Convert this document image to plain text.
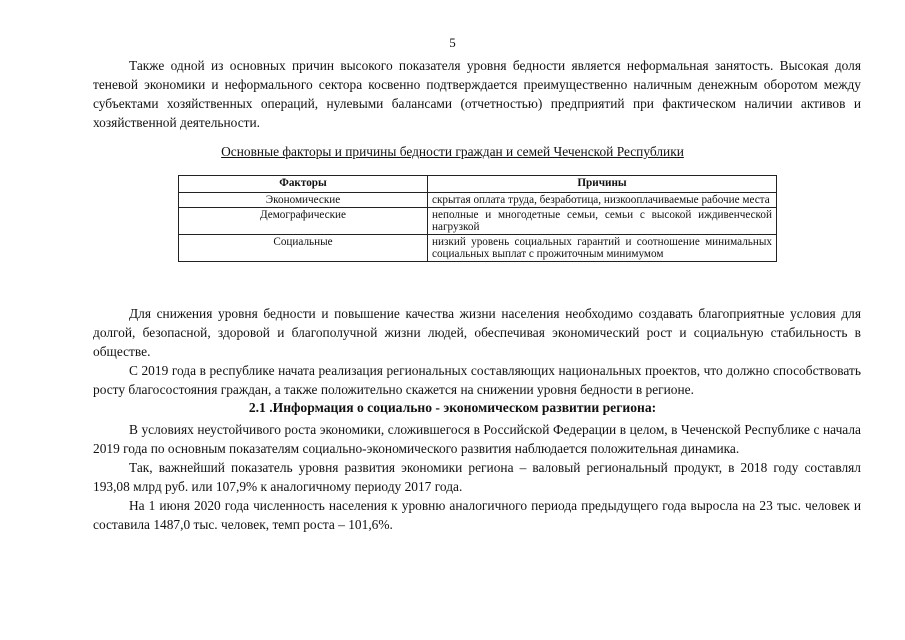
5

Также одной из основных причин высокого показателя уровня бедности является неформальная занятость. Высокая доля теневой экономики и неформального сектора косвенно подтверждается преимущественно наличным денежным оборотом между субъектами хозяйственных операций, нулевыми балансами (отчетностью) предприятий при фактическом наличии активов и хозяйственной деятельности.

Основные факторы и причины бедности граждан и семей Чеченской Республики
Факторы	Причины
Экономические	скрытая оплата труда, безработица, низкооплачиваемые рабочие места
Демографические	неполные и многодетные семьи, семьи с высокой иждивенческой нагрузкой
Социальные	низкий уровень социальных гарантий и соотношение минимальных социальных выплат с прожиточным минимумом

Для снижения уровня бедности и повышение качества жизни населения необходимо создавать благоприятные условия для долгой, безопасной, здоровой и благополучной жизни людей, обеспечивая экономический рост и социальную стабильность в обществе.

С 2019 года в республике начата реализация региональных составляющих национальных проектов, что должно способствовать росту благосостояния граждан, а также положительно скажется на снижении уровня бедности в регионе.

2.1 .Информация о социально - экономическом развитии региона:

В условиях неустойчивого роста экономики, сложившегося в Российской Федерации в целом, в Чеченской Республике с начала 2019 года по основным показателям социально-экономического развития наблюдается положительная динамика.

Так, важнейший показатель уровня развития экономики региона – валовый региональный продукт, в 2018 году составлял 193,08 млрд руб. или 107,9% к аналогичному периоду 2017 года.

На 1 июня 2020 года численность населения к уровню аналогичного периода предыдущего года выросла на 23 тыс. человек и составила 1487,0 тыс. человек, темп роста – 101,6%.
